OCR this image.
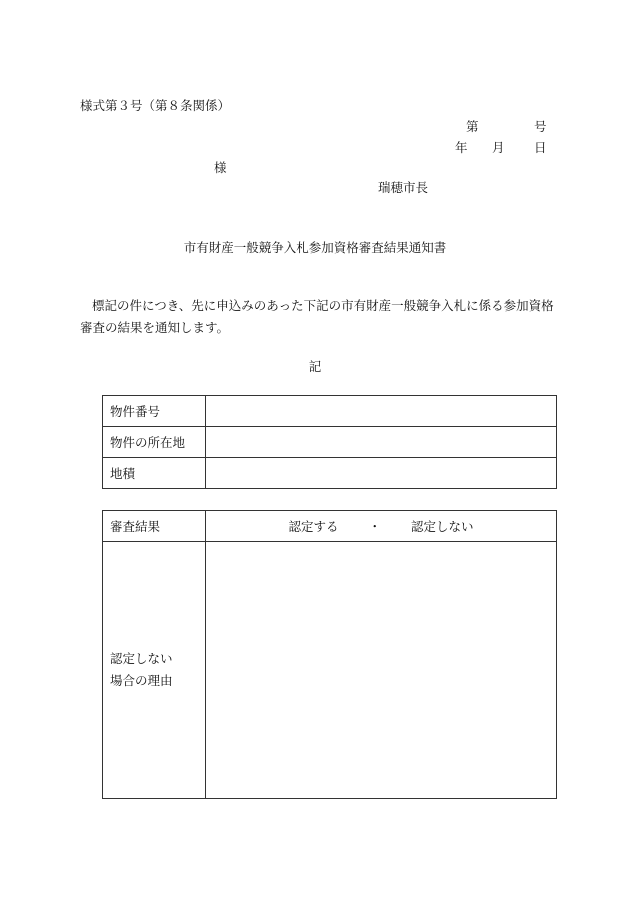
様式第３号（第８条関係）
第	号
年 月 日
様
瑞穂市長
市有財産一般競争入札参加資格審査結果通知書
標記の件につき、先に申込みのあった下記の市有財産一般競争入札に係る参加資格審査の結果を通知します。
記
物件番号	
物件の所在地	
地積	
審査結果	認定する ・ 認定しない
認定しない
場合の理由	
